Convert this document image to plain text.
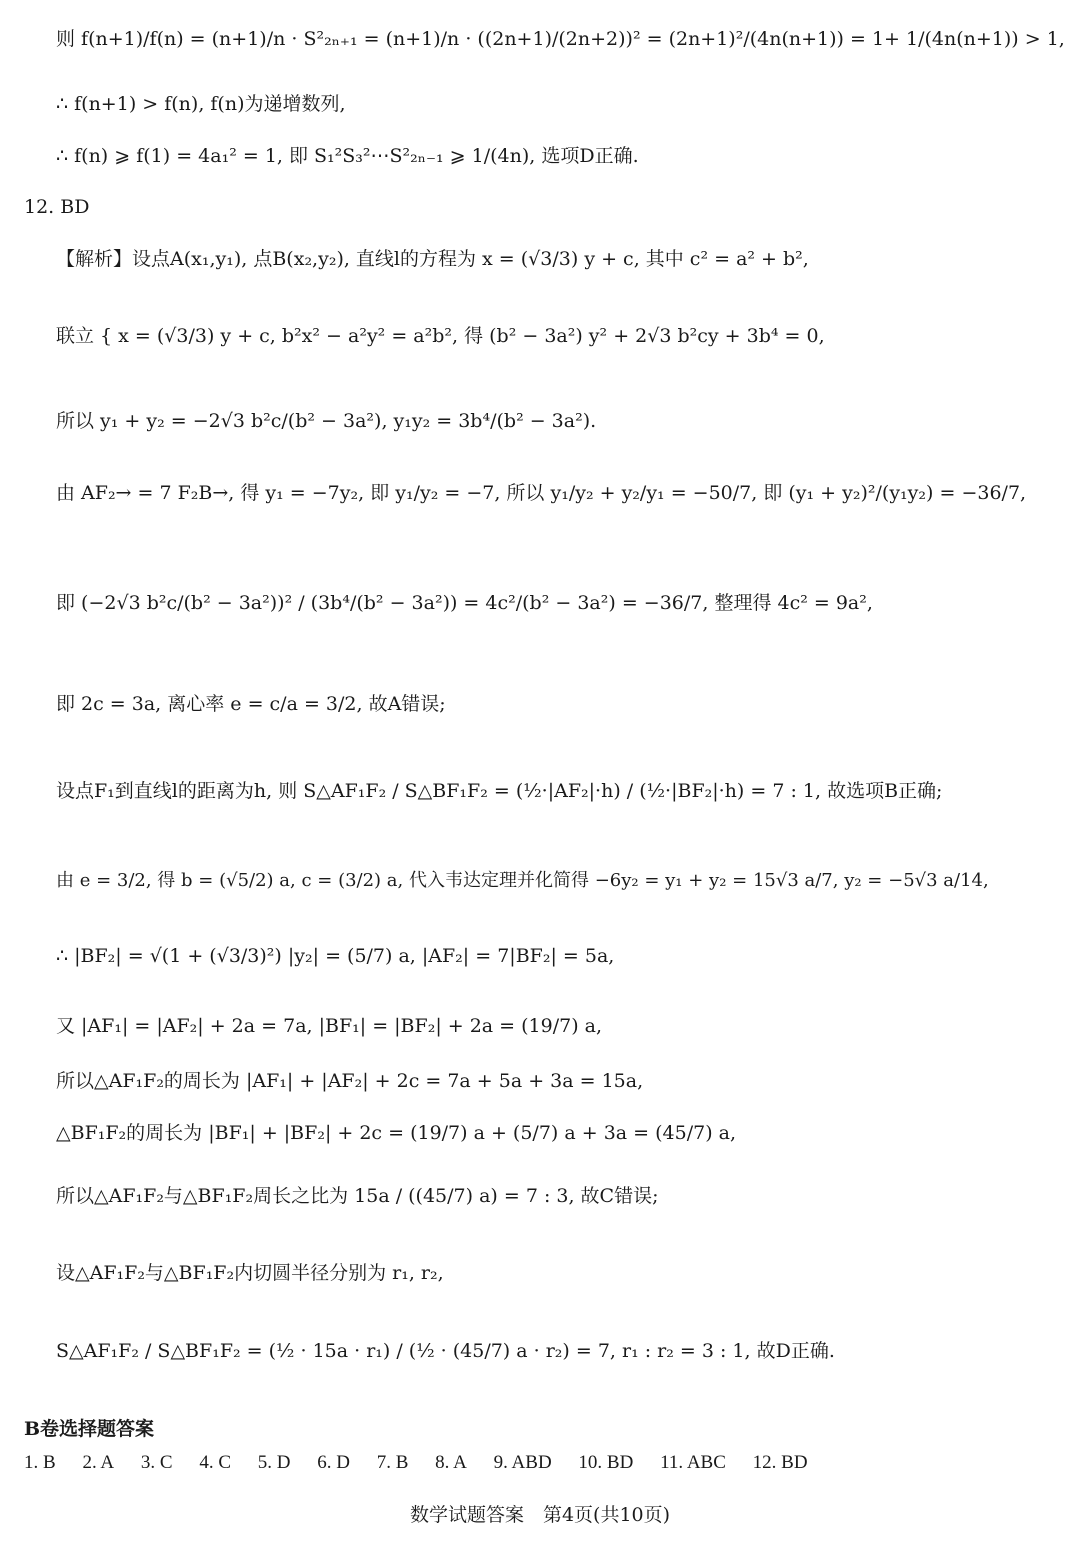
则 f(n+1)/f(n) = (n+1)/n · S²₂ₙ₊₁ = (n+1)/n · ((2n+1)/(2n+2))² = (2n+1)²/(4n(n+1)) = 1+ 1/(4n(n+1)) > 1,
∴ f(n+1) > f(n), f(n)为递增数列,
∴ f(n) ⩾ f(1) = 4a₁² = 1, 即 S₁²S₃²⋯S²₂ₙ₋₁ ⩾ 1/(4n), 选项D正确.
12. BD
【解析】设点A(x₁,y₁), 点B(x₂,y₂), 直线l的方程为 x = (√3/3) y + c, 其中 c² = a² + b²,
联立 { x = (√3/3) y + c, b²x² − a²y² = a²b², 得 (b² − 3a²) y² + 2√3 b²cy + 3b⁴ = 0,
所以 y₁ + y₂ = −2√3 b²c/(b² − 3a²), y₁y₂ = 3b⁴/(b² − 3a²).
由 AF₂→ = 7 F₂B→, 得 y₁ = −7y₂, 即 y₁/y₂ = −7, 所以 y₁/y₂ + y₂/y₁ = −50/7, 即 (y₁ + y₂)²/(y₁y₂) = −36/7,
即 (−2√3 b²c/(b² − 3a²))² / (3b⁴/(b² − 3a²)) = 4c²/(b² − 3a²) = −36/7, 整理得 4c² = 9a²,
即 2c = 3a, 离心率 e = c/a = 3/2, 故A错误;
设点F₁到直线l的距离为h, 则 S△AF₁F₂ / S△BF₁F₂ = (½·|AF₂|·h) / (½·|BF₂|·h) = 7 : 1, 故选项B正确;
由 e = 3/2, 得 b = (√5/2) a, c = (3/2) a, 代入韦达定理并化简得 −6y₂ = y₁ + y₂ = 15√3 a/7, y₂ = −5√3 a/14,
∴ |BF₂| = √(1 + (√3/3)²) |y₂| = (5/7) a, |AF₂| = 7|BF₂| = 5a,
又 |AF₁| = |AF₂| + 2a = 7a, |BF₁| = |BF₂| + 2a = (19/7) a,
所以△AF₁F₂的周长为 |AF₁| + |AF₂| + 2c = 7a + 5a + 3a = 15a,
△BF₁F₂的周长为 |BF₁| + |BF₂| + 2c = (19/7) a + (5/7) a + 3a = (45/7) a,
所以△AF₁F₂与△BF₁F₂周长之比为 15a / ((45/7) a) = 7 : 3, 故C错误;
设△AF₁F₂与△BF₁F₂内切圆半径分别为 r₁, r₂,
S△AF₁F₂ / S△BF₁F₂ = (½ · 15a · r₁) / (½ · (45/7) a · r₂) = 7, r₁ : r₂ = 3 : 1, 故D正确.
B卷选择题答案
1. B 2. A 3. C 4. C 5. D 6. D 7. B 8. A 9. ABD 10. BD 11. ABC 12. BD
数学试题答案　第4页(共10页)
